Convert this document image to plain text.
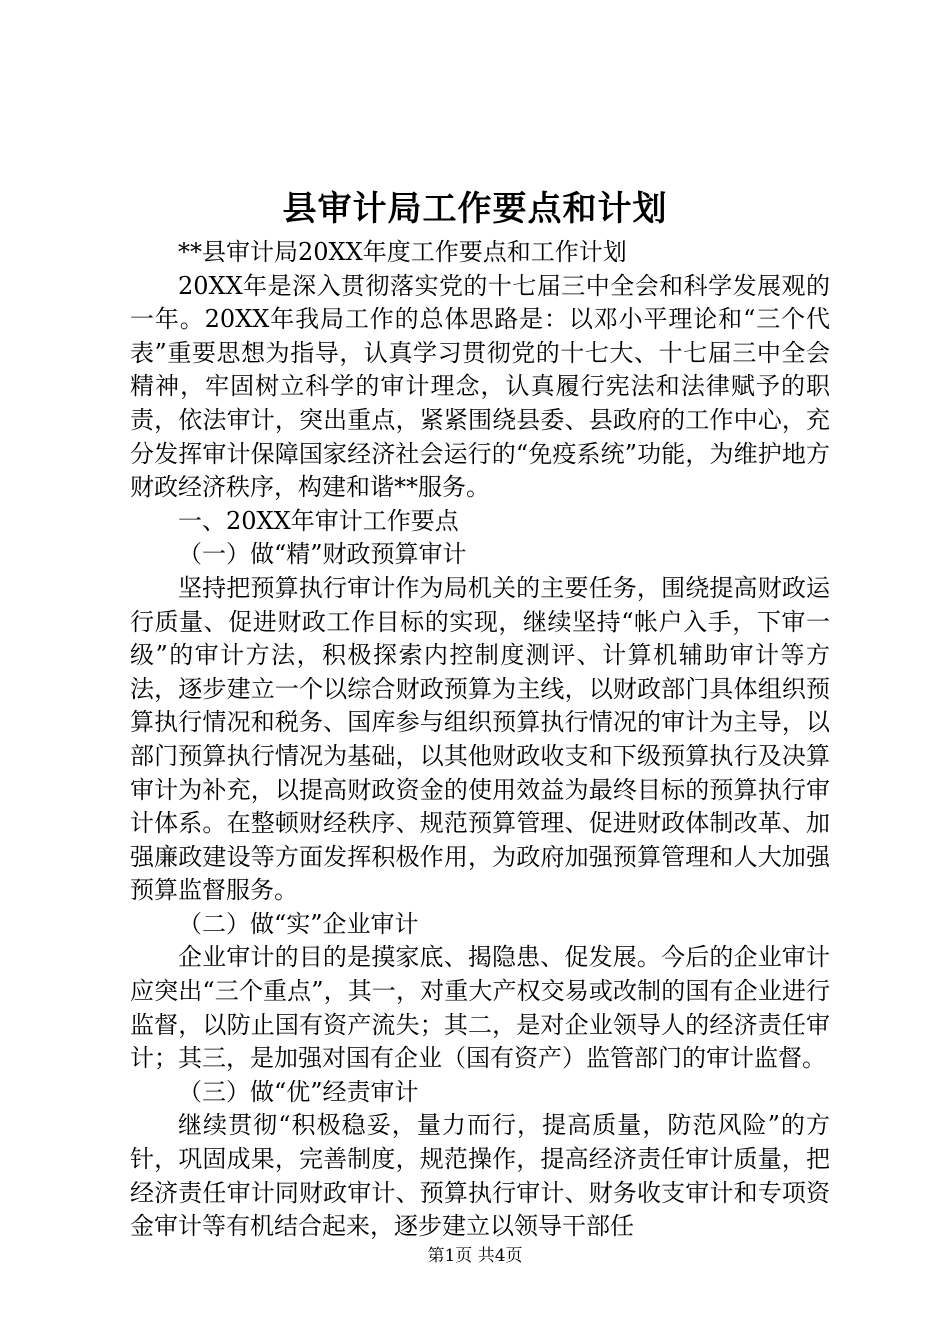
县审计局工作要点和计划

**县审计局20XX年度工作要点和工作计划

20XX年是深入贯彻落实党的十七届三中全会和科学发展观的一年。20XX年我局工作的总体思路是：以邓小平理论和“三个代表”重要思想为指导，认真学习贯彻党的十七大、十七届三中全会精神，牢固树立科学的审计理念，认真履行宪法和法律赋予的职责，依法审计，突出重点，紧紧围绕县委、县政府的工作中心，充分发挥审计保障国家经济社会运行的“免疫系统”功能，为维护地方财政经济秩序，构建和谐**服务。

一、20XX年审计工作要点

（一）做“精”财政预算审计

坚持把预算执行审计作为局机关的主要任务，围绕提高财政运行质量、促进财政工作目标的实现，继续坚持“帐户入手，下审一级”的审计方法，积极探索内控制度测评、计算机辅助审计等方法，逐步建立一个以综合财政预算为主线，以财政部门具体组织预算执行情况和税务、国库参与组织预算执行情况的审计为主导，以部门预算执行情况为基础，以其他财政收支和下级预算执行及决算审计为补充，以提高财政资金的使用效益为最终目标的预算执行审计体系。在整顿财经秩序、规范预算管理、促进财政体制改革、加强廉政建设等方面发挥积极作用，为政府加强预算管理和人大加强预算监督服务。

（二）做“实”企业审计

企业审计的目的是摸家底、揭隐患、促发展。今后的企业审计应突出“三个重点”，其一，对重大产权交易或改制的国有企业进行监督，以防止国有资产流失；其二，是对企业领导人的经济责任审计；其三，是加强对国有企业（国有资产）监管部门的审计监督。

（三）做“优”经责审计

继续贯彻“积极稳妥，量力而行，提高质量，防范风险”的方针，巩固成果，完善制度，规范操作，提高经济责任审计质量，把经济责任审计同财政审计、预算执行审计、财务收支审计和专项资金审计等有机结合起来，逐步建立以领导干部任

第1页 共4页
